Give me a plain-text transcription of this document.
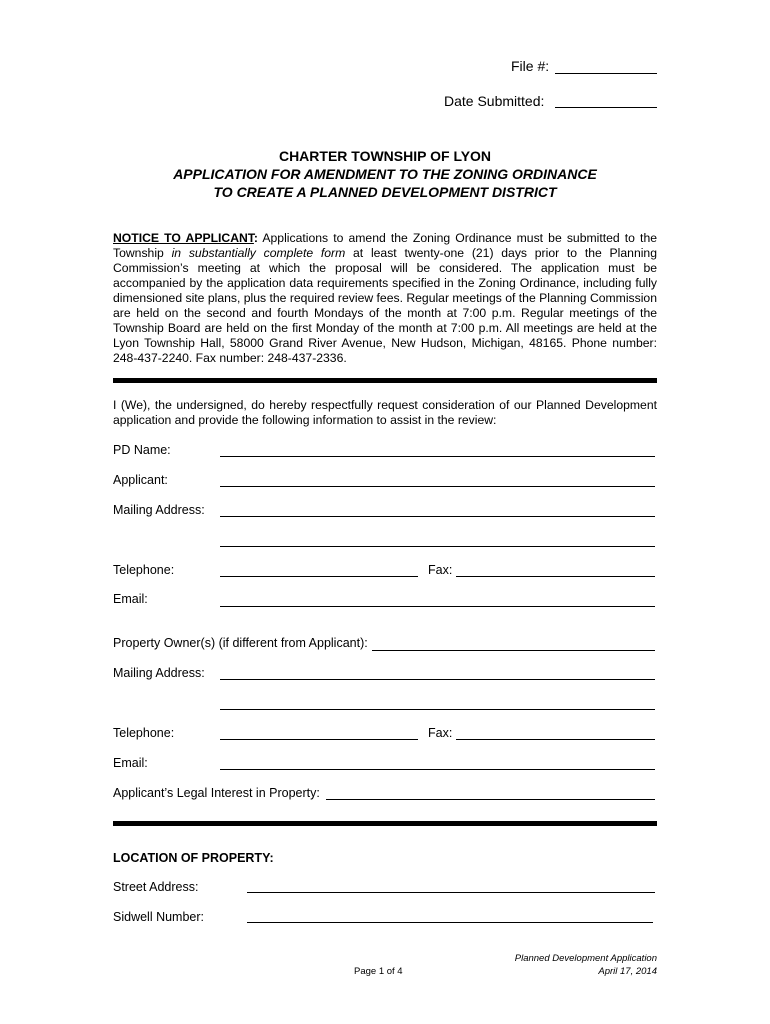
File #:
Date Submitted:
CHARTER TOWNSHIP OF LYON
APPLICATION FOR AMENDMENT TO THE ZONING ORDINANCE
TO CREATE A PLANNED DEVELOPMENT DISTRICT
NOTICE TO APPLICANT: Applications to amend the Zoning Ordinance must be submitted to the Township in substantially complete form at least twenty-one (21) days prior to the Planning Commission’s meeting at which the proposal will be considered. The application must be accompanied by the application data requirements specified in the Zoning Ordinance, including fully dimensioned site plans, plus the required review fees. Regular meetings of the Planning Commission are held on the second and fourth Mondays of the month at 7:00 p.m. Regular meetings of the Township Board are held on the first Monday of the month at 7:00 p.m. All meetings are held at the Lyon Township Hall, 58000 Grand River Avenue, New Hudson, Michigan, 48165. Phone number: 248-437-2240. Fax number: 248-437-2336.
I (We), the undersigned, do hereby respectfully request consideration of our Planned Development application and provide the following information to assist in the review:
PD Name:
Applicant:
Mailing Address:
Telephone:	Fax:
Email:
Property Owner(s) (if different from Applicant):
Mailing Address:
Telephone:	Fax:
Email:
Applicant’s Legal Interest in Property:
LOCATION OF PROPERTY:
Street Address:
Sidwell Number:
Page 1 of 4
Planned Development Application
April 17, 2014
